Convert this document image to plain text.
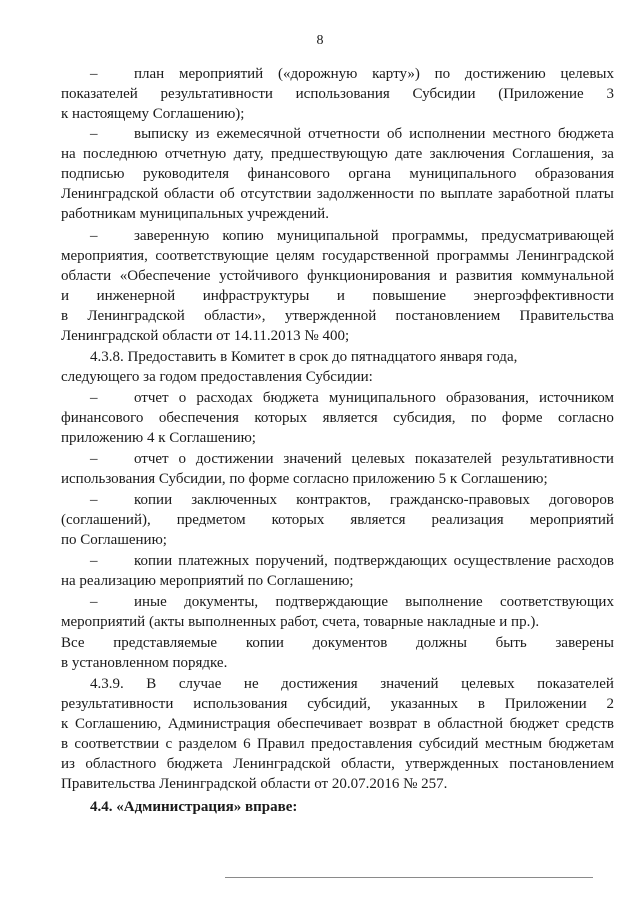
8
–	план мероприятий («дорожную карту») по достижению целевых
показателей результативности использования Субсидии (Приложение 3
к настоящему Соглашению);
–	выписку из ежемесячной отчетности об исполнении местного бюджета
на последнюю отчетную дату, предшествующую дате заключения Соглашения, за
подписью руководителя финансового органа муниципального образования
Ленинградской области об отсутствии задолженности по выплате заработной платы
работникам муниципальных учреждений.
–	заверенную копию муниципальной программы, предусматривающей
мероприятия, соответствующие целям государственной программы Ленинградской
области «Обеспечение устойчивого функционирования и развития коммунальной
и инженерной инфраструктуры и повышение энергоэффективности
в Ленинградской области», утвержденной постановлением Правительства
Ленинградской области от 14.11.2013 № 400;
4.3.8. Предоставить в Комитет в срок до пятнадцатого января года,
следующего за годом предоставления Субсидии:
–	отчет о расходах бюджета муниципального образования, источником
финансового обеспечения которых является субсидия, по форме согласно
приложению 4 к Соглашению;
–	отчет о достижении значений целевых показателей результативности
использования Субсидии, по форме согласно приложению 5 к Соглашению;
–	копии заключенных контрактов, гражданско-правовых договоров
(соглашений), предметом которых является реализация мероприятий
по Соглашению;
–	копии платежных поручений, подтверждающих осуществление расходов
на реализацию мероприятий по Соглашению;
–	иные документы, подтверждающие выполнение соответствующих
мероприятий (акты выполненных работ, счета, товарные накладные и пр.).
Все представляемые копии документов должны быть заверены
в установленном порядке.
4.3.9. В случае не достижения значений целевых показателей
результативности использования субсидий, указанных в Приложении 2
к Соглашению, Администрация обеспечивает возврат в областной бюджет средств
в соответствии с разделом 6 Правил предоставления субсидий местным бюджетам
из областного бюджета Ленинградской области, утвержденных постановлением
Правительства Ленинградской области от 20.07.2016 № 257.
4.4. «Администрация» вправе:
